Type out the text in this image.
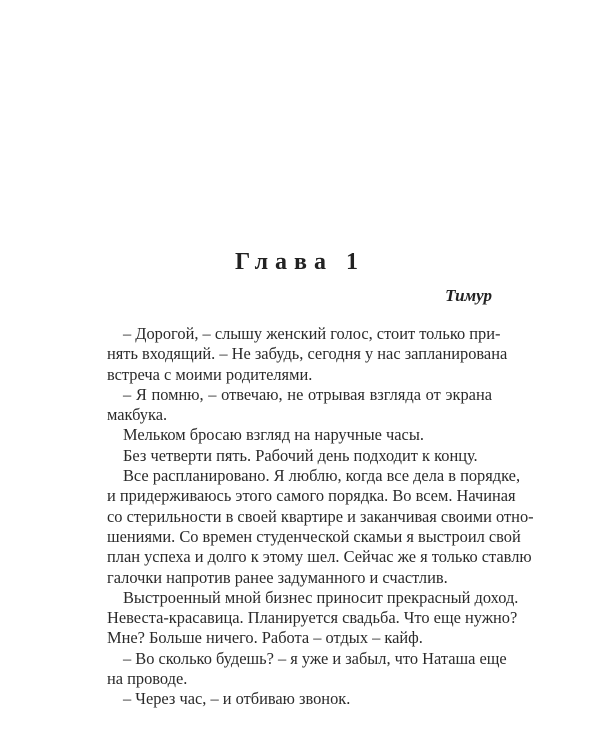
Глава 1
Тимур
– Дорогой, – слышу женский голос, стоит только при-
нять входящий. – Не забудь, сегодня у нас запланирована
встреча с моими родителями.
– Я помню, – отвечаю, не отрывая взгляда от экрана
макбука.
Мельком бросаю взгляд на наручные часы.
Без четверти пять. Рабочий день подходит к концу.
Все распланировано. Я люблю, когда все дела в порядке,
и придерживаюсь этого самого порядка. Во всем. Начиная
со стерильности в своей квартире и заканчивая своими отно-
шениями. Со времен студенческой скамьи я выстроил свой
план успеха и долго к этому шел. Сейчас же я только ставлю
галочки напротив ранее задуманного и счастлив.
Выстроенный мной бизнес приносит прекрасный доход.
Невеста-красавица. Планируется свадьба. Что еще нужно?
Мне? Больше ничего. Работа – отдых – кайф.
– Во сколько будешь? – я уже и забыл, что Наташа еще
на проводе.
– Через час, – и отбиваю звонок.
